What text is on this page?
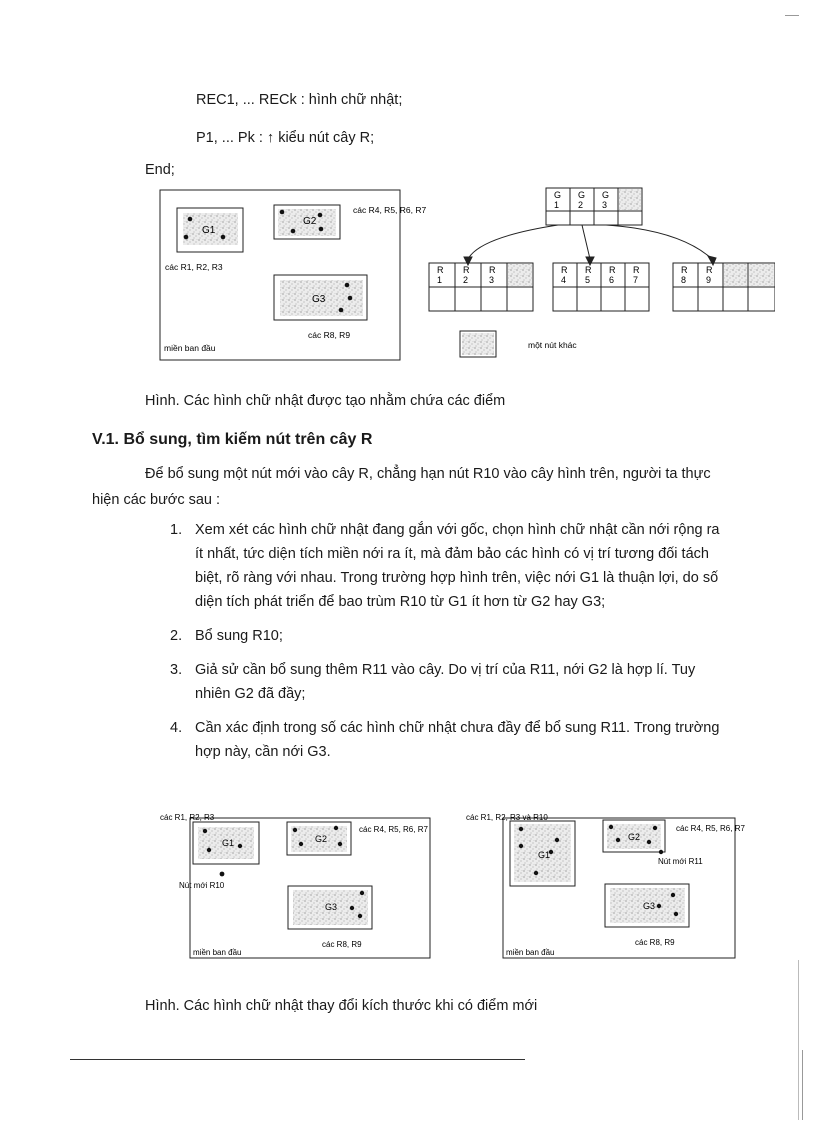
REC1, ... RECk : hình chữ nhật;
P1, ... Pk : ↑ kiểu nút cây R;
End;
G1
G2
G3
các R1, R2, R3
các R4, R5, R6, R7
các R8, R9
miền ban đầu
G
1
G
2
G
3
R
1
R
2
R
3
R
4
R
5
R
6
R
7
R
8
R
9
một nút khác
Hình. Các hình chữ nhật được tạo nhằm chứa các điểm
V.1. Bổ sung, tìm kiếm nút trên cây R
Để bổ sung một nút mới vào cây R, chẳng hạn nút R10 vào cây hình trên, người ta thực hiện các bước sau :
1. Xem xét các hình chữ nhật đang gắn với gốc, chọn hình chữ nhật cần nới rộng ra ít nhất, tức diện tích miền nới ra ít, mà đảm bảo các hình có vị trí tương đối tách biệt, rõ ràng với nhau. Trong trường hợp hình trên, việc nới G1 là thuận lợi, do số diện tích phát triển để bao trùm R10 từ G1 ít hơn từ G2 hay G3;
2. Bổ sung R10;
3. Giả sử cần bổ sung thêm R11 vào cây. Do vị trí của R11, nới G2 là hợp lí. Tuy nhiên G2 đã đầy;
4. Cần xác định trong số các hình chữ nhật chưa đầy để bổ sung R11. Trong trường hợp này, cần nới G3.
G1	G2
G3
các R1, R2, R3
các R4, R5, R6, R7
Nút mới R10
các R8, R9
miền ban đầu
G1
G2
G3
các R1, R2, R3 và R10
các R4, R5, R6, R7
Nút mới R11
các R8, R9
miền ban đầu
Hình. Các hình chữ nhật thay đổi kích thước khi có điểm mới
